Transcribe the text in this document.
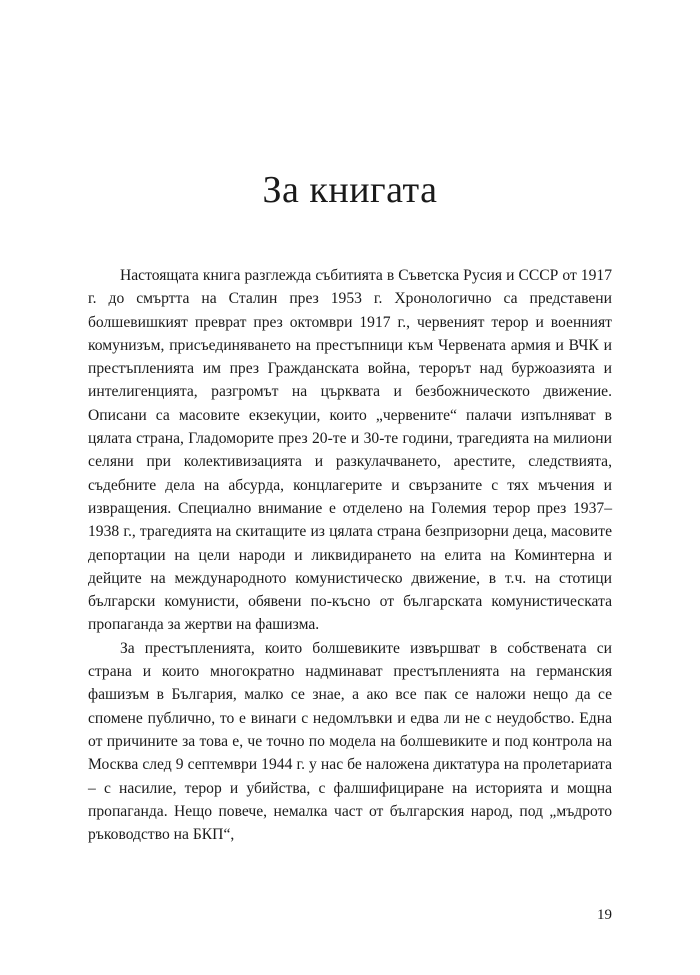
За книгата

Настоящата книга разглежда събитията в Съветска Русия и СССР от 1917 г. до смъртта на Сталин през 1953 г. Хронологично са представени болшевишкият преврат през октомври 1917 г., червеният терор и военният комунизъм, присъединяването на престъпници към Червената армия и ВЧК и престъпленията им през Гражданската война, терорът над буржоазията и интелигенцията, разгромът на църквата и безбожническото движение. Описани са масовите екзекуции, които „червените“ палачи изпълняват в цялата страна, Гладоморите през 20-те и 30-те години, трагедията на милиони селяни при колективизацията и разкулачването, арестите, следствията, съдебните дела на абсурда, концлагерите и свързаните с тях мъчения и извращения. Специално внимание е отделено на Големия терор през 1937–1938 г., трагедията на скитащите из цялата страна безпризорни деца, масовите депортации на цели народи и ликвидирането на елита на Коминтерна и дейците на международното комунистическо движение, в т.ч. на стотици български комунисти, обявени по-късно от българската комунистическата пропаганда за жертви на фашизма.

За престъпленията, които болшевиките извършват в собствената си страна и които многократно надминават престъпленията на германския фашизъм в България, малко се знае, а ако все пак се наложи нещо да се спомене публично, то е винаги с недомлъвки и едва ли не с неудобство. Една от причините за това е, че точно по модела на болшевиките и под контрола на Москва след 9 септември 1944 г. у нас бе наложена диктатура на пролетариата – с насилие, терор и убийства, с фалшифициране на историята и мощна пропаганда. Нещо повече, немалка част от българския народ, под „мъдрото ръководство на БКП“,

19
